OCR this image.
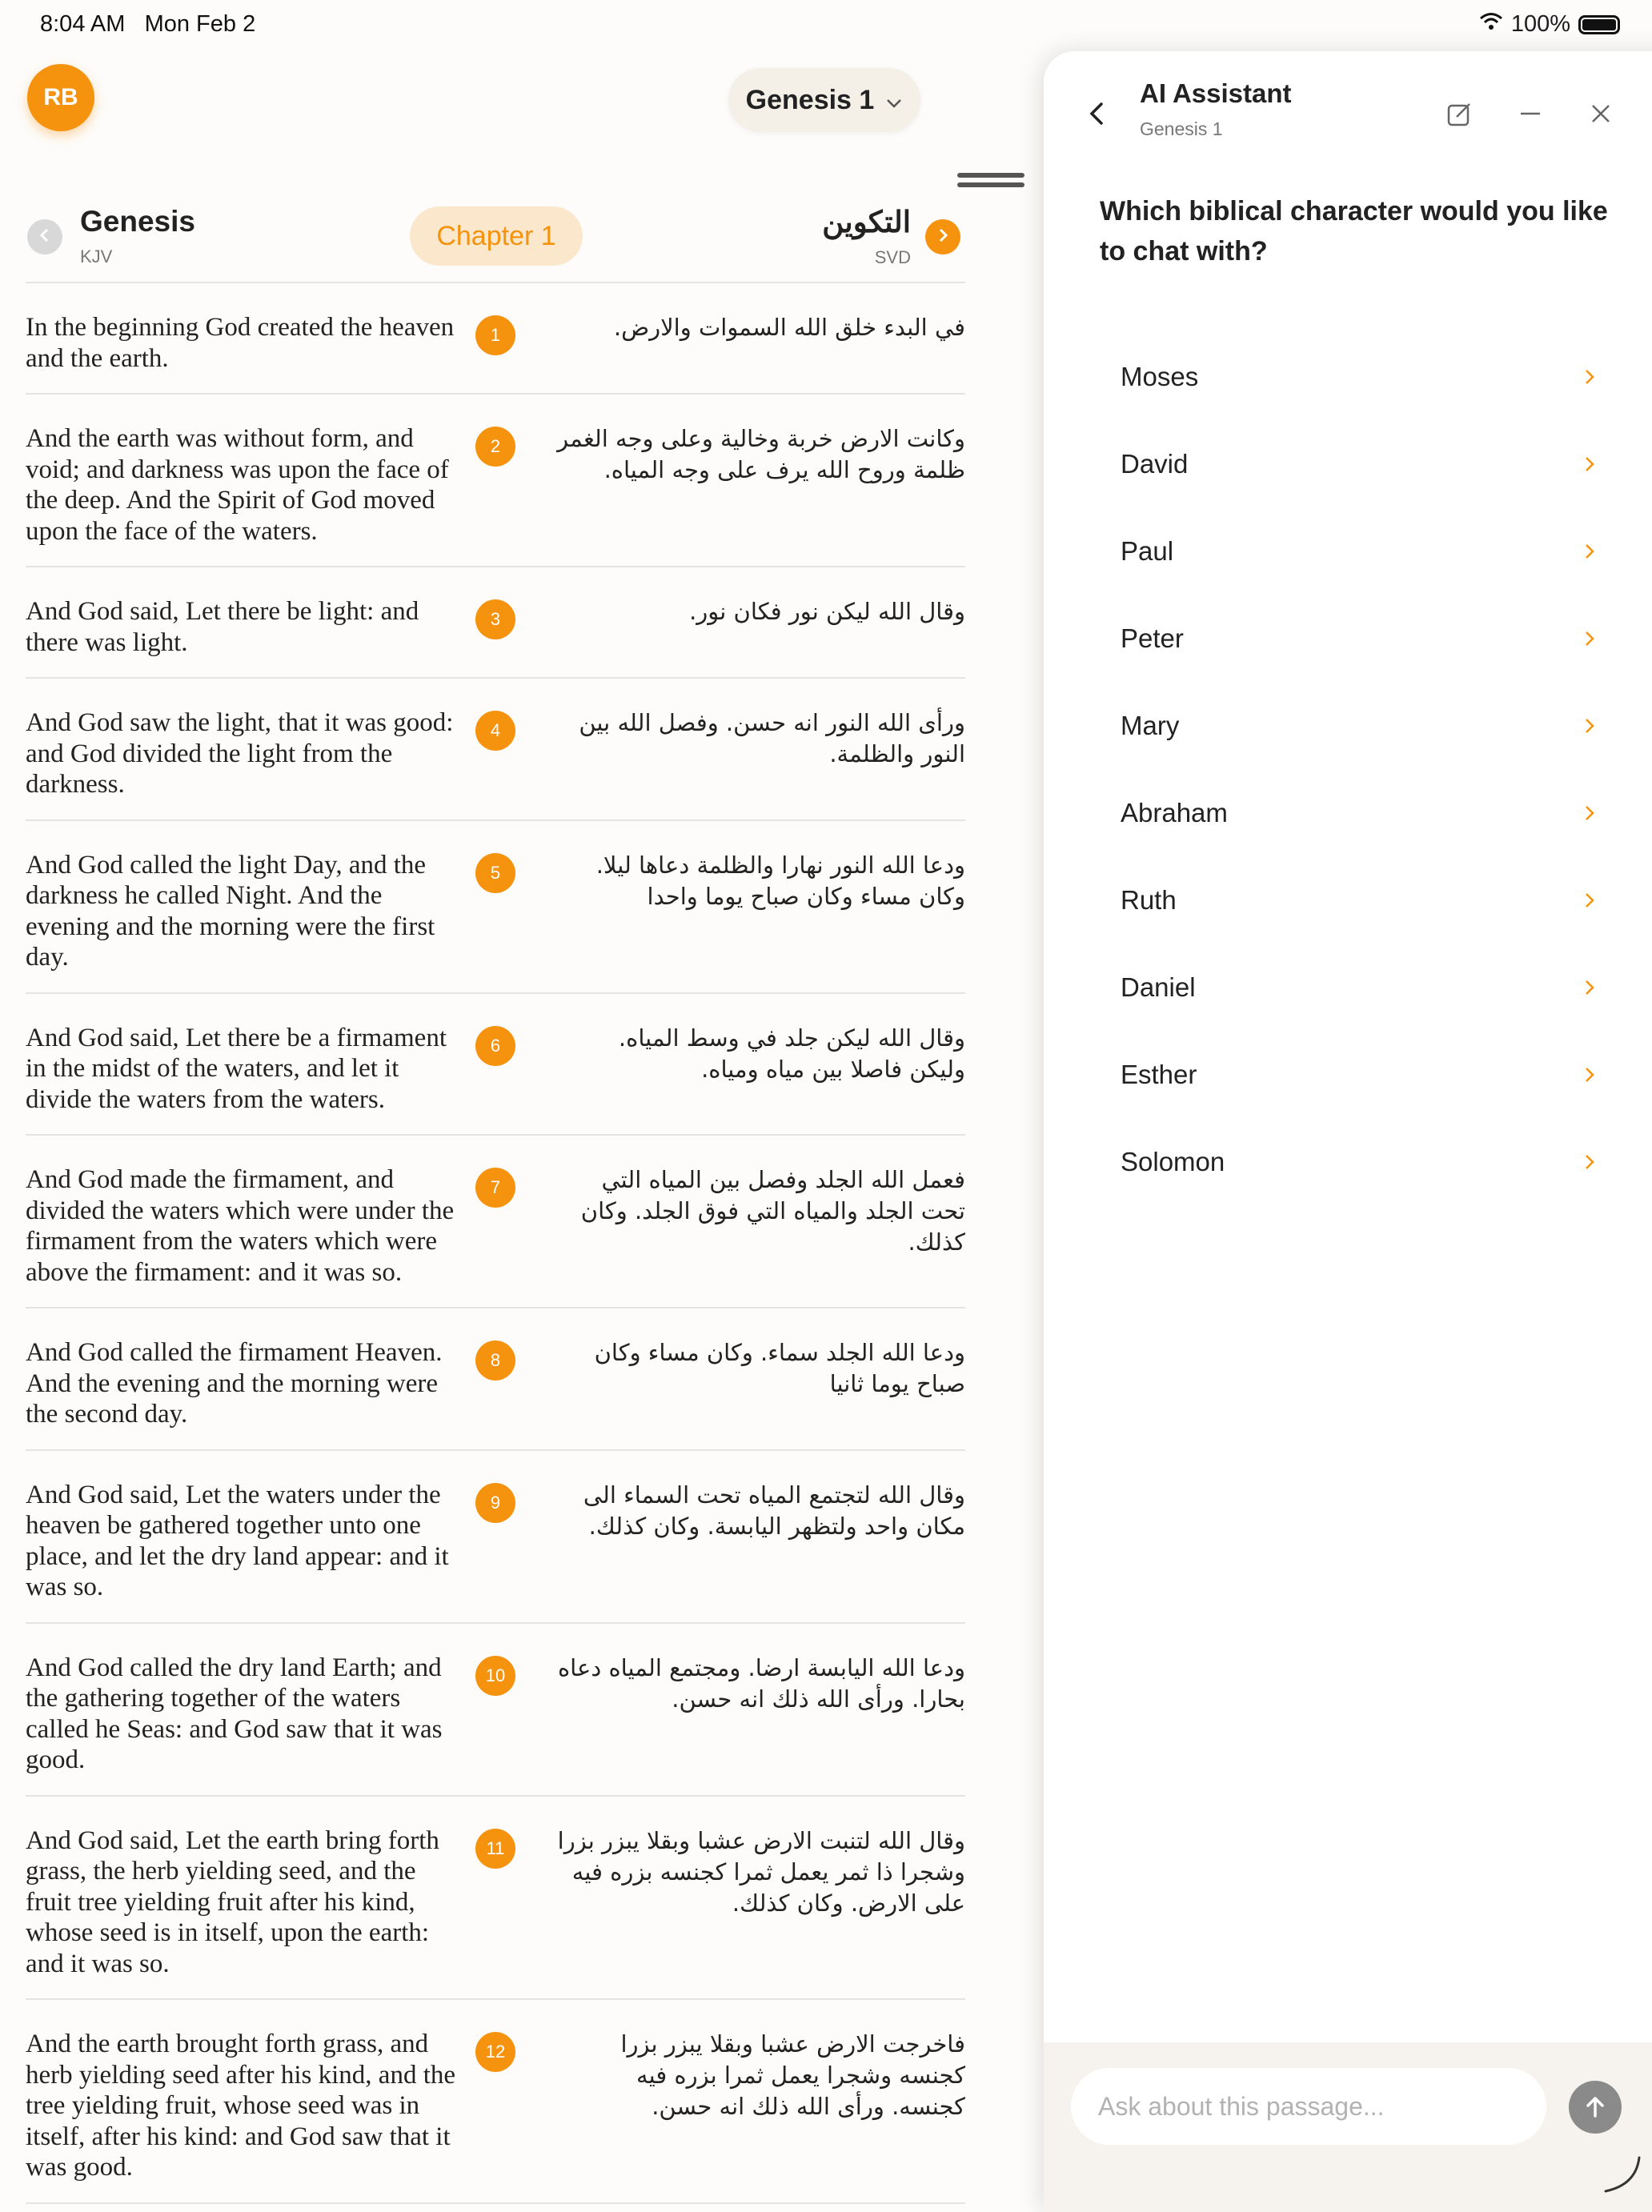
8:04 AM   Mon Feb 2	100%
RB	Genesis 1
Genesis
KJV
Chapter 1	التكوين
SVD
In the beginning God created the heaven and the earth.
1	في البدء خلق الله السموات والارض.
And the earth was without form, and void; and darkness was upon the face of the deep. And the Spirit of God moved upon the face of the waters.
2	وكانت الارض خربة وخالية وعلى وجه الغمر ظلمة وروح الله يرف على وجه المياه.
And God said, Let there be light: and there was light.
3	وقال الله ليكن نور فكان نور.
And God saw the light, that it was good: and God divided the light from the darkness.
4	ورأى الله النور انه حسن. وفصل الله بين النور والظلمة.
And God called the light Day, and the darkness he called Night. And the evening and the morning were the first day.
5	ودعا الله النور نهارا والظلمة دعاها ليلا. وكان مساء وكان صباح يوما واحدا
And God said, Let there be a firmament in the midst of the waters, and let it divide the waters from the waters.
6	وقال الله ليكن جلد في وسط المياه. وليكن فاصلا بين مياه ومياه.
And God made the firmament, and divided the waters which were under the firmament from the waters which were above the firmament: and it was so.
7	فعمل الله الجلد وفصل بين المياه التي تحت الجلد والمياه التي فوق الجلد. وكان كذلك.
And God called the firmament Heaven. And the evening and the morning were the second day.
8	ودعا الله الجلد سماء. وكان مساء وكان صباح يوما ثانيا
And God said, Let the waters under the heaven be gathered together unto one place, and let the dry land appear: and it was so.
9	وقال الله لتجتمع المياه تحت السماء الى مكان واحد ولتظهر اليابسة. وكان كذلك.
And God called the dry land Earth; and the gathering together of the waters called he Seas: and God saw that it was good.
10	ودعا الله اليابسة ارضا. ومجتمع المياه دعاه بحارا. ورأى الله ذلك انه حسن.
And God said, Let the earth bring forth grass, the herb yielding seed, and the fruit tree yielding fruit after his kind, whose seed is in itself, upon the earth: and it was so.
11	وقال الله لتنبت الارض عشبا وبقلا يبزر بزرا وشجرا ذا ثمر يعمل ثمرا كجنسه بزره فيه على الارض. وكان كذلك.
And the earth brought forth grass, and herb yielding seed after his kind, and the tree yielding fruit, whose seed was in itself, after his kind: and God saw that it was good.
12	فاخرجت الارض عشبا وبقلا يبزر بزرا كجنسه وشجرا يعمل ثمرا بزره فيه كجنسه. ورأى الله ذلك انه حسن.
AI Assistant
Genesis 1
Which biblical character would you like to chat with?
Moses
David
Paul
Peter
Mary
Abraham
Ruth
Daniel
Esther
Solomon
Ask about this passage...
